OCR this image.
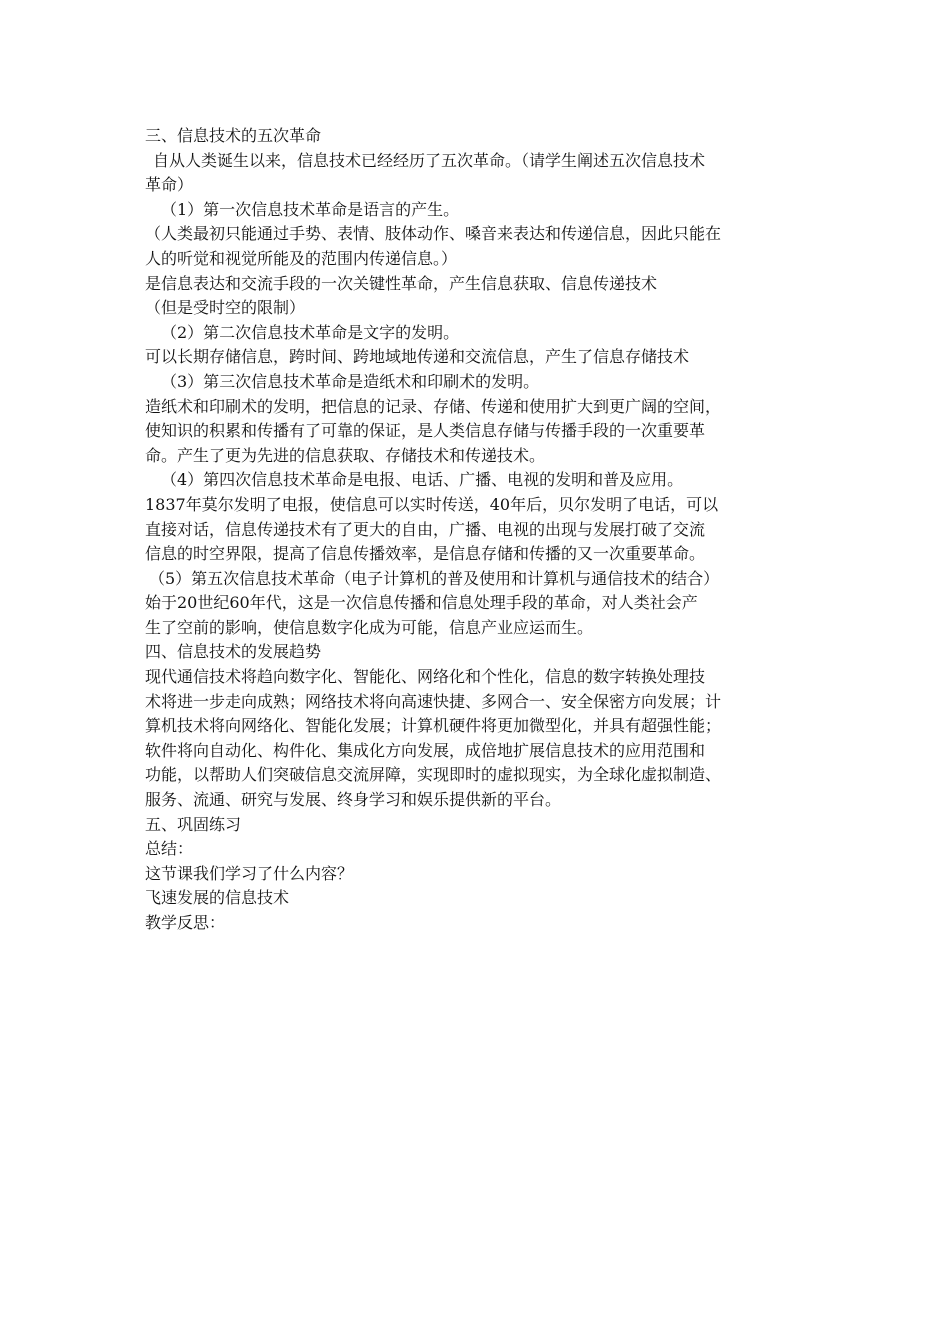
三、信息技术的五次革命
自从人类诞生以来，信息技术已经经历了五次革命。（请学生阐述五次信息技术
革命）
（1）第一次信息技术革命是语言的产生。
（人类最初只能通过手势、表情、肢体动作、嗓音来表达和传递信息，因此只能在
人的听觉和视觉所能及的范围内传递信息。）
是信息表达和交流手段的一次关键性革命，产生信息获取、信息传递技术
（但是受时空的限制）
（2）第二次信息技术革命是文字的发明。
可以长期存储信息，跨时间、跨地域地传递和交流信息，产生了信息存储技术
（3）第三次信息技术革命是造纸术和印刷术的发明。
造纸术和印刷术的发明，把信息的记录、存储、传递和使用扩大到更广阔的空间，
使知识的积累和传播有了可靠的保证，是人类信息存储与传播手段的一次重要革
命。产生了更为先进的信息获取、存储技术和传递技术。
（4）第四次信息技术革命是电报、电话、广播、电视的发明和普及应用。
1837年莫尔发明了电报，使信息可以实时传送，40年后，贝尔发明了电话，可以
直接对话，信息传递技术有了更大的自由，广播、电视的出现与发展打破了交流
信息的时空界限，提高了信息传播效率，是信息存储和传播的又一次重要革命。
（5）第五次信息技术革命（电子计算机的普及使用和计算机与通信技术的结合）
始于20世纪60年代，这是一次信息传播和信息处理手段的革命，对人类社会产
生了空前的影响，使信息数字化成为可能，信息产业应运而生。
四、信息技术的发展趋势
现代通信技术将趋向数字化、智能化、网络化和个性化，信息的数字转换处理技
术将进一步走向成熟；网络技术将向高速快捷、多网合一、安全保密方向发展；计
算机技术将向网络化、智能化发展；计算机硬件将更加微型化，并具有超强性能；
软件将向自动化、构件化、集成化方向发展，成倍地扩展信息技术的应用范围和
功能，以帮助人们突破信息交流屏障，实现即时的虚拟现实，为全球化虚拟制造、
服务、流通、研究与发展、终身学习和娱乐提供新的平台。
五、巩固练习
总结：
这节课我们学习了什么内容？
飞速发展的信息技术
教学反思：
